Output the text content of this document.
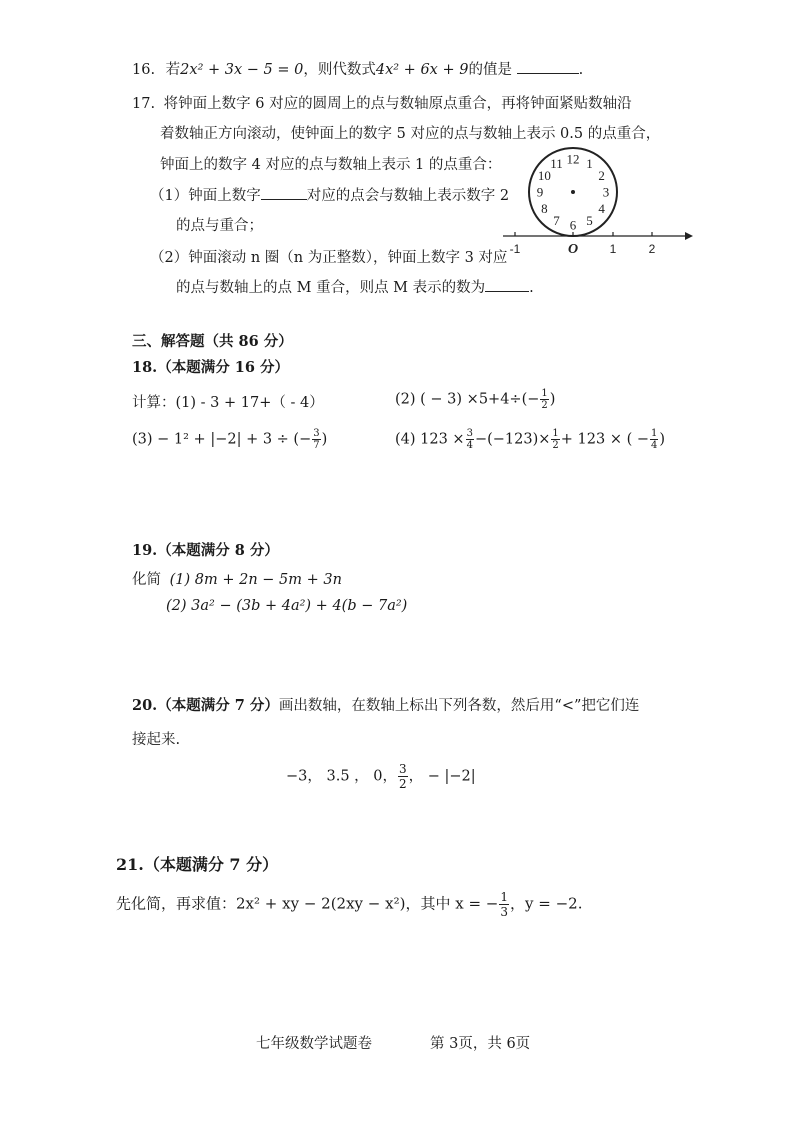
16. 若2x² + 3x − 5 = 0，则代数式4x² + 6x + 9的值是	.
17. 将钟面上数字 6 对应的圆周上的点与数轴原点重合，再将钟面紧贴数轴沿
着数轴正方向滚动，使钟面上的数字 5 对应的点与数轴上表示 0.5 的点重合，
钟面上的数字 4 对应的点与数轴上表示 1 的点重合：
（1）钟面上数字	对应的点会与数轴上表示数字 2
的点与重合；
（2）钟面滚动 n 圈（n 为正整数），钟面上数字 3 对应
的点与数轴上的点 M 重合，则点 M 表示的数为	.
12 1
2
3
4
5
6
7
8
9
10
11
-1	O	1	2
三、解答题（共 86 分）
18.（本题满分 16 分）
计算：(1) - 3 + 17+（ - 4）	(2) ( − $3) \times 5+4\div(- \frac{1}{2}$ )
(3) − 1² + |−2| + 3 ÷ (− $\frac{3}{7}$ )	(4) $123 \times \frac{3}{4} -(-123)\times \frac{1}{2} + 123$ × ( − $\frac{1}{4}$ )
19.（本题满分 8 分）
化简 (1) 8m + 2n − 5m + 3n
(2) 3a² − (3b + 4a²) + 4(b − 7a²)
20.（本题满分 7 分）画出数轴，在数轴上标出下列各数，然后用“<”把它们连
接起来.
−3， 3.5 ， 0， $\frac{3}{2}$ ， − |−2|
21.（本题满分 7 分）
先化简，再求值：2x² + xy − 2(2xy − x²)，其中 x = − $\frac{1}{3}$ ，y = −2.
七年级数学试题卷	第 3页，共 6页
